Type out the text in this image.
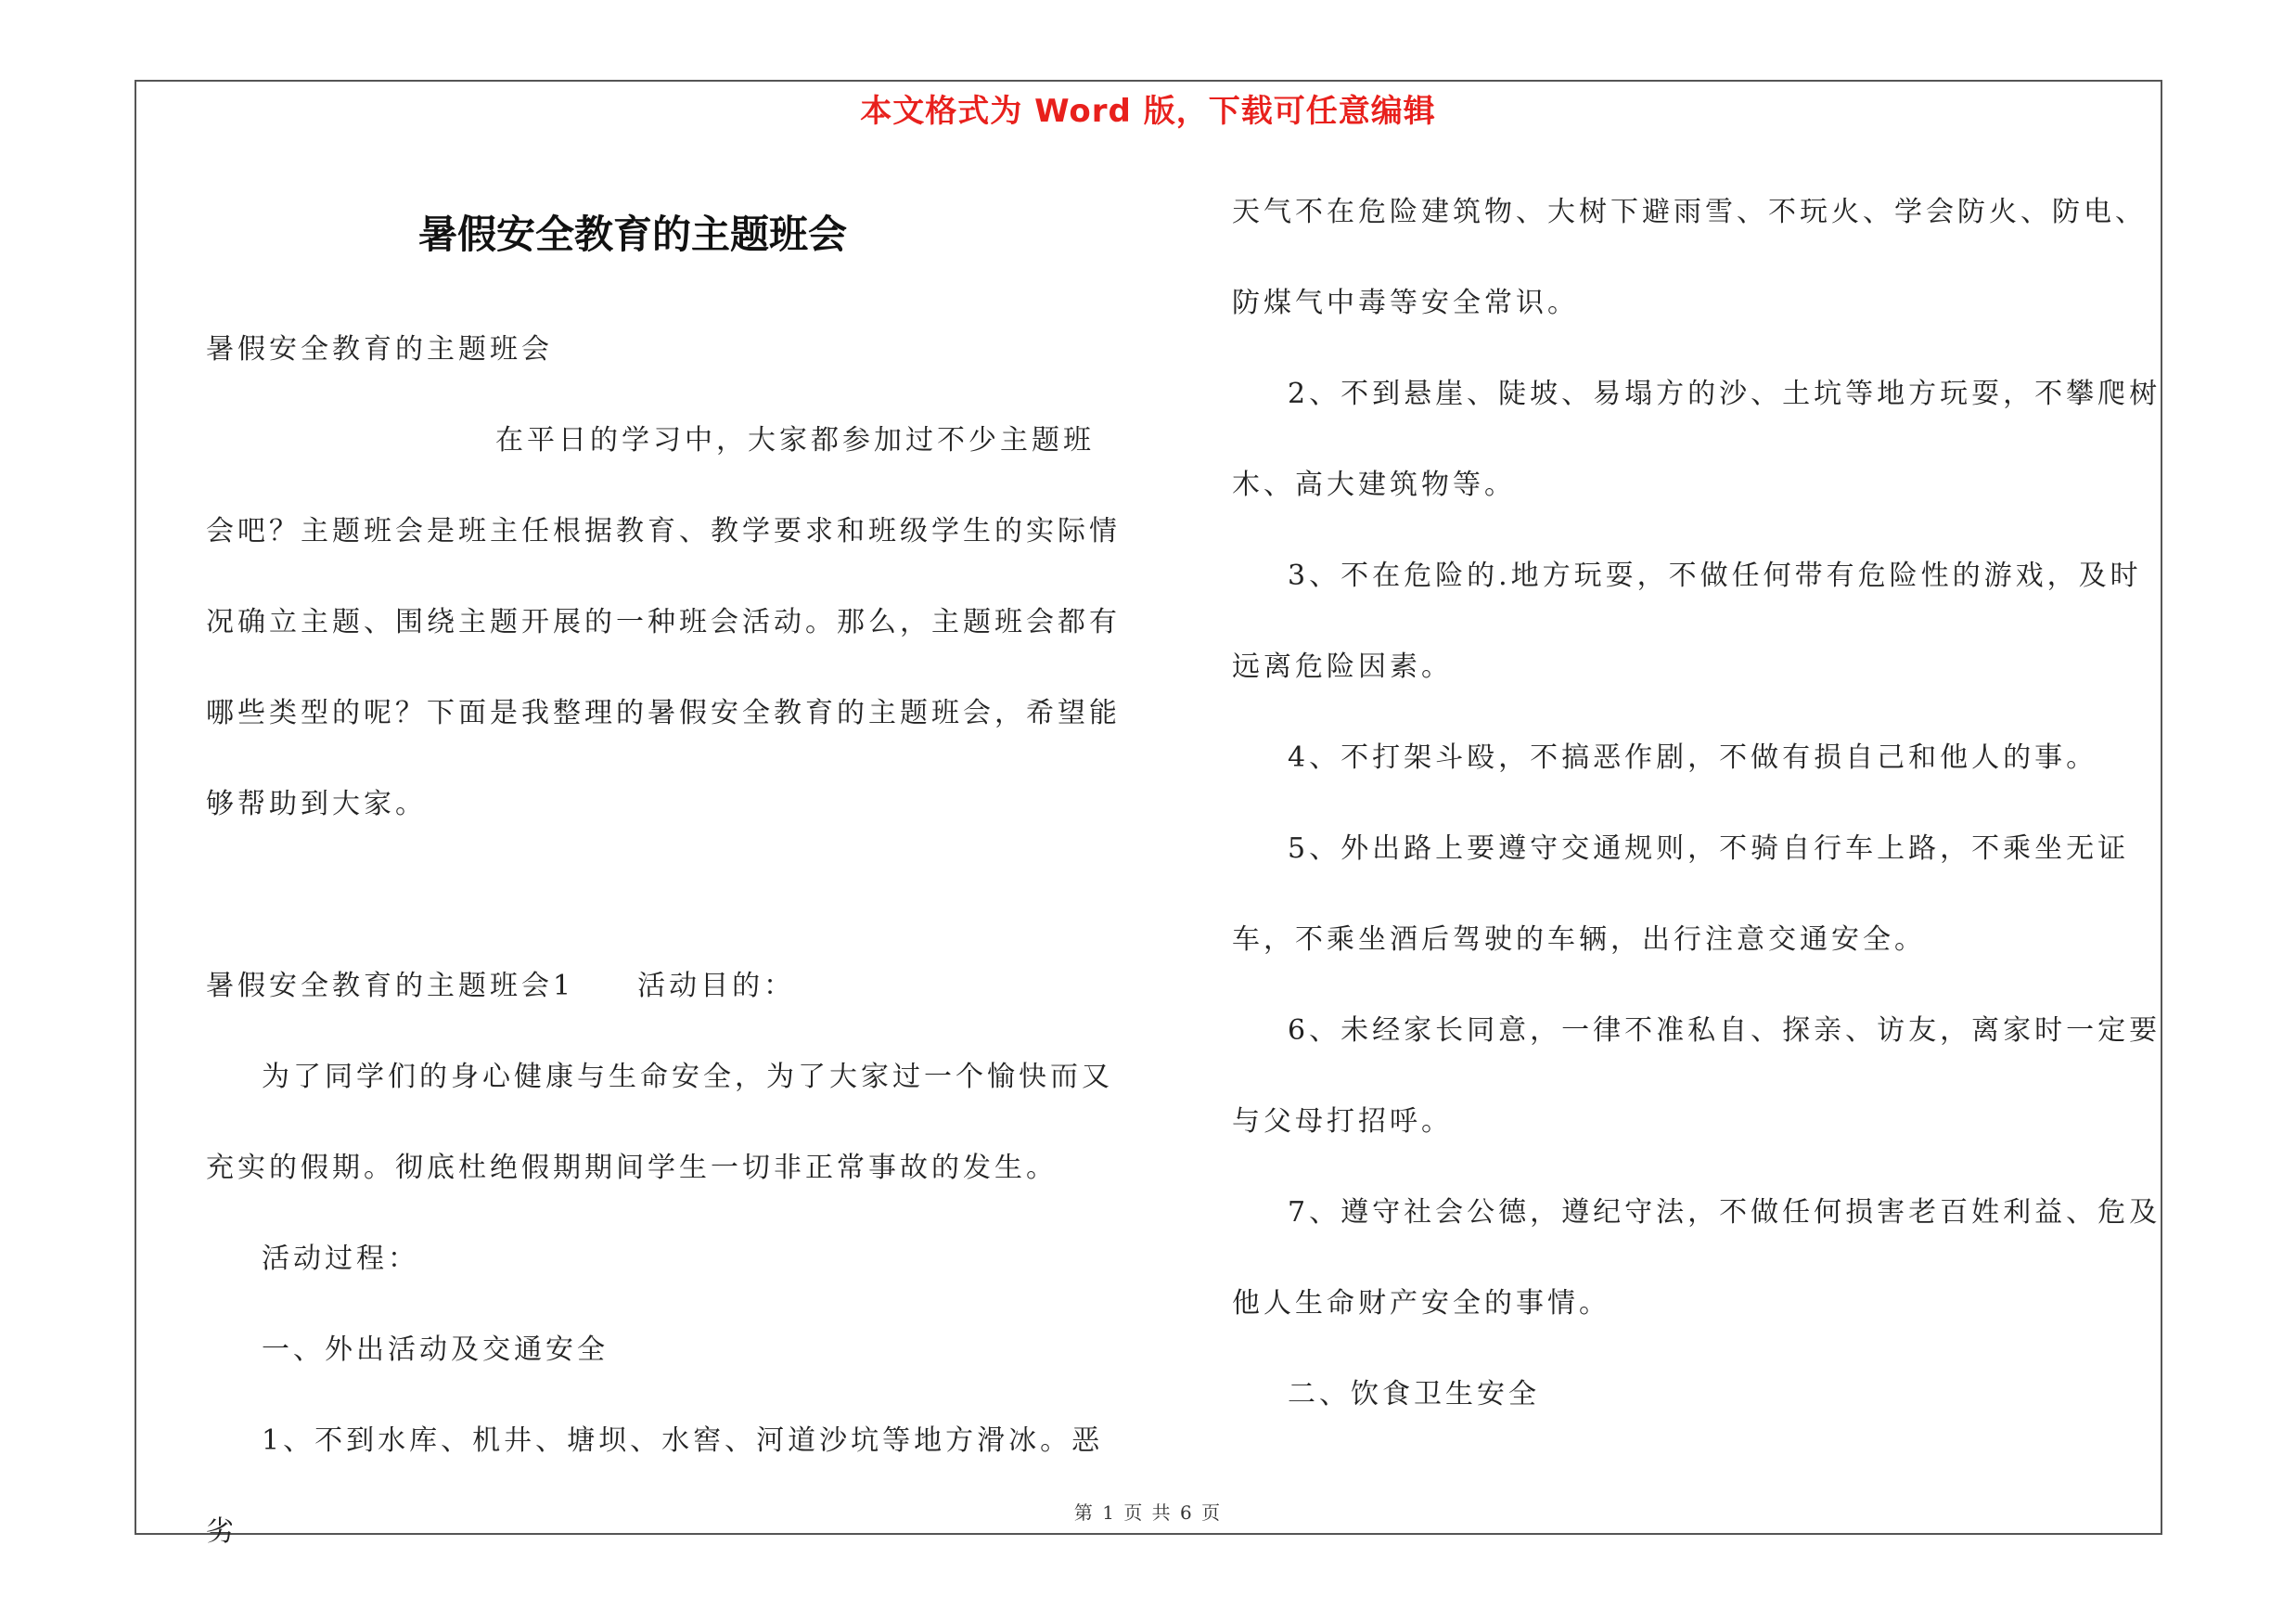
本文格式为 Word 版，下载可任意编辑
暑假安全教育的主题班会

暑假安全教育的主题班会

在平日的学习中，大家都参加过不少主题班会吧？主题班会是班主任根据教育、教学要求和班级学生的实际情况确立主题、围绕主题开展的一种班会活动。那么，主题班会都有哪些类型的呢？下面是我整理的暑假安全教育的主题班会，希望能够帮助到大家。

暑假安全教育的主题班会1　　活动目的：

为了同学们的身心健康与生命安全，为了大家过一个愉快而又充实的假期。彻底杜绝假期期间学生一切非正常事故的发生。

活动过程：

一、外出活动及交通安全

1、不到水库、机井、塘坝、水窖、河道沙坑等地方滑冰。恶劣

天气不在危险建筑物、大树下避雨雪、不玩火、学会防火、防电、防煤气中毒等安全常识。

2、不到悬崖、陡坡、易塌方的沙、土坑等地方玩耍，不攀爬树木、高大建筑物等。

3、不在危险的.地方玩耍，不做任何带有危险性的游戏，及时远离危险因素。

4、不打架斗殴，不搞恶作剧，不做有损自己和他人的事。

5、外出路上要遵守交通规则，不骑自行车上路，不乘坐无证车，不乘坐酒后驾驶的车辆，出行注意交通安全。

6、未经家长同意，一律不准私自、探亲、访友，离家时一定要与父母打招呼。

7、遵守社会公德，遵纪守法，不做任何损害老百姓利益、危及他人生命财产安全的事情。

二、饮食卫生安全

第 1 页 共 6 页
